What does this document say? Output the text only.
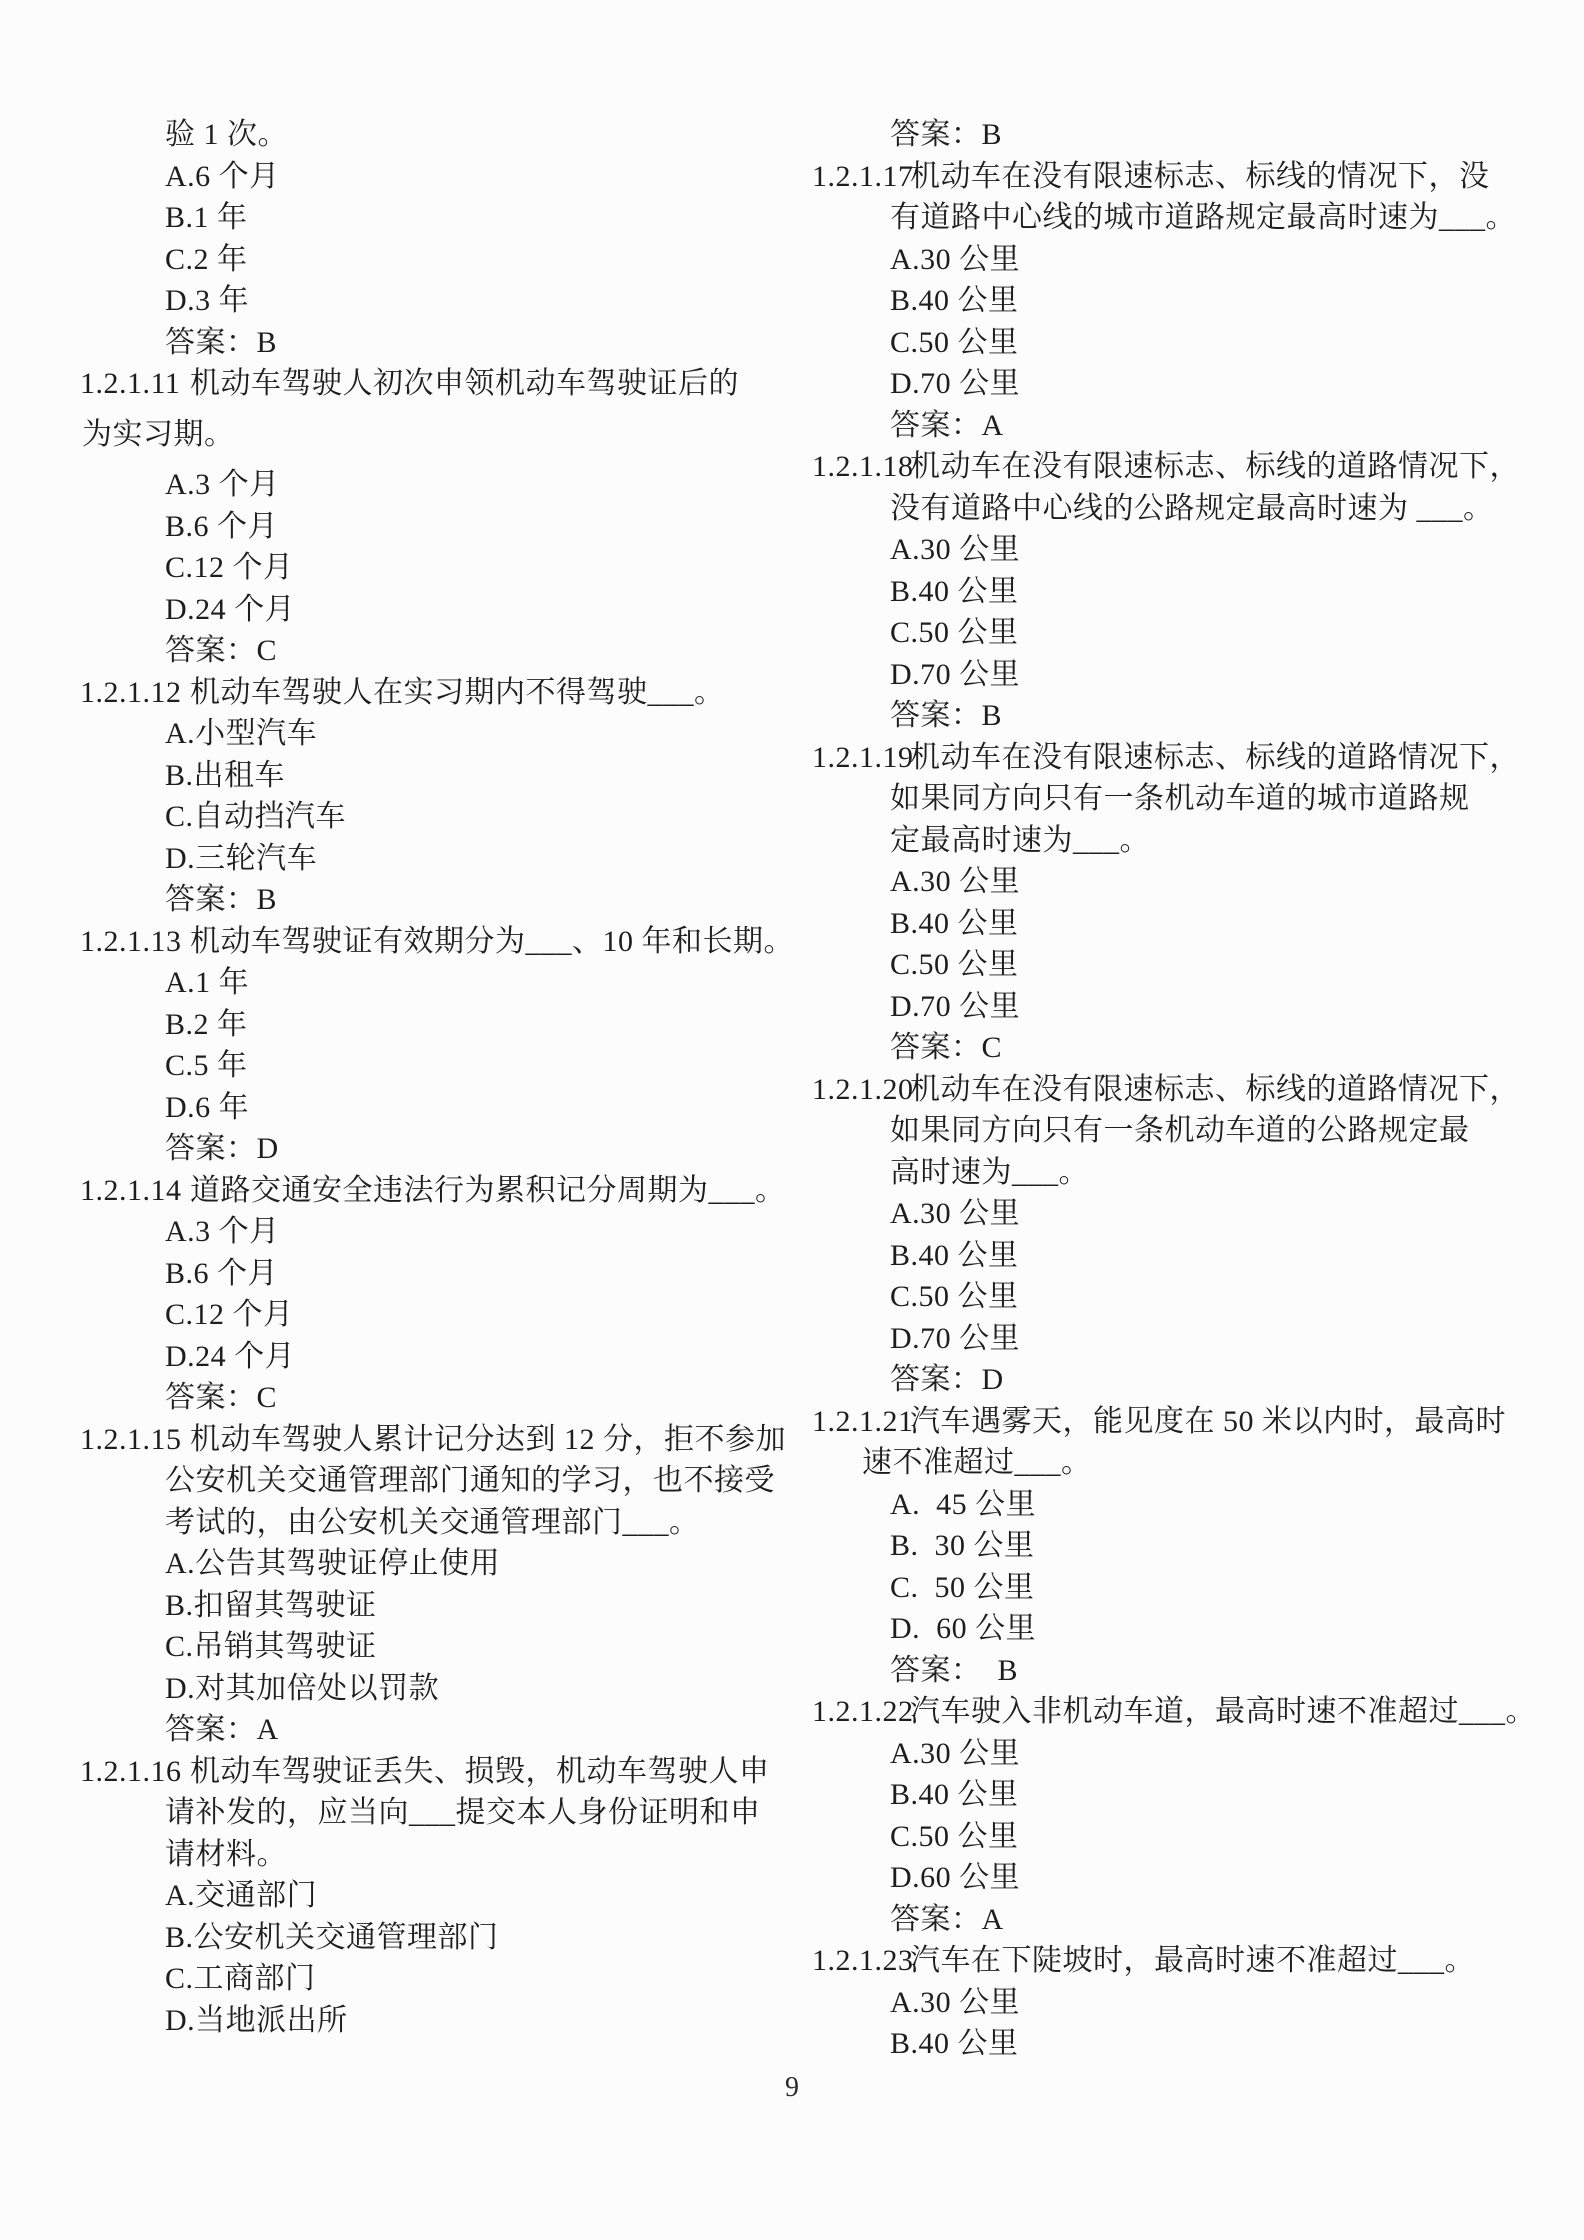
验 1 次。
A.6 个月
B.1 年
C.2 年
D.3 年
答案：B
1.2.1.11 机动车驾驶人初次申领机动车驾驶证后的
为实习期。
A.3 个月
B.6 个月
C.12 个月
D.24 个月
答案：C
1.2.1.12 机动车驾驶人在实习期内不得驾驶___。
A.小型汽车
B.出租车
C.自动挡汽车
D.三轮汽车
答案：B
1.2.1.13 机动车驾驶证有效期分为___、10 年和长期。
A.1 年
B.2 年
C.5 年
D.6 年
答案：D
1.2.1.14 道路交通安全违法行为累积记分周期为___。
A.3 个月
B.6 个月
C.12 个月
D.24 个月
答案：C
1.2.1.15 机动车驾驶人累计记分达到 12 分，拒不参加
公安机关交通管理部门通知的学习，也不接受
考试的，由公安机关交通管理部门___。
A.公告其驾驶证停止使用
B.扣留其驾驶证
C.吊销其驾驶证
D.对其加倍处以罚款
答案：A
1.2.1.16 机动车驾驶证丢失、损毁，机动车驾驶人申
请补发的，应当向___提交本人身份证明和申
请材料。
A.交通部门
B.公安机关交通管理部门
C.工商部门
D.当地派出所
答案：B
1.2.1.17
机动车在没有限速标志、标线的情况下，没
有道路中心线的城市道路规定最高时速为___。
A.30 公里
B.40 公里
C.50 公里
D.70 公里
答案：A
1.2.1.18
机动车在没有限速标志、标线的道路情况下，
没有道路中心线的公路规定最高时速为 ___。
A.30 公里
B.40 公里
C.50 公里
D.70 公里
答案：B
1.2.1.19
机动车在没有限速标志、标线的道路情况下，
如果同方向只有一条机动车道的城市道路规
定最高时速为___。
A.30 公里
B.40 公里
C.50 公里
D.70 公里
答案：C
1.2.1.20
机动车在没有限速标志、标线的道路情况下，
如果同方向只有一条机动车道的公路规定最
高时速为___。
A.30 公里
B.40 公里
C.50 公里
D.70 公里
答案：D
1.2.1.21
汽车遇雾天，能见度在 50 米以内时，最高时
速不准超过___。
A.  45 公里
B.  30 公里
C.  50 公里
D.  60 公里
答案：  B
1.2.1.22
汽车驶入非机动车道，最高时速不准超过___。
A.30 公里
B.40 公里
C.50 公里
D.60 公里
答案：A
1.2.1.23
汽车在下陡坡时，最高时速不准超过___。
A.30 公里
B.40 公里
9
